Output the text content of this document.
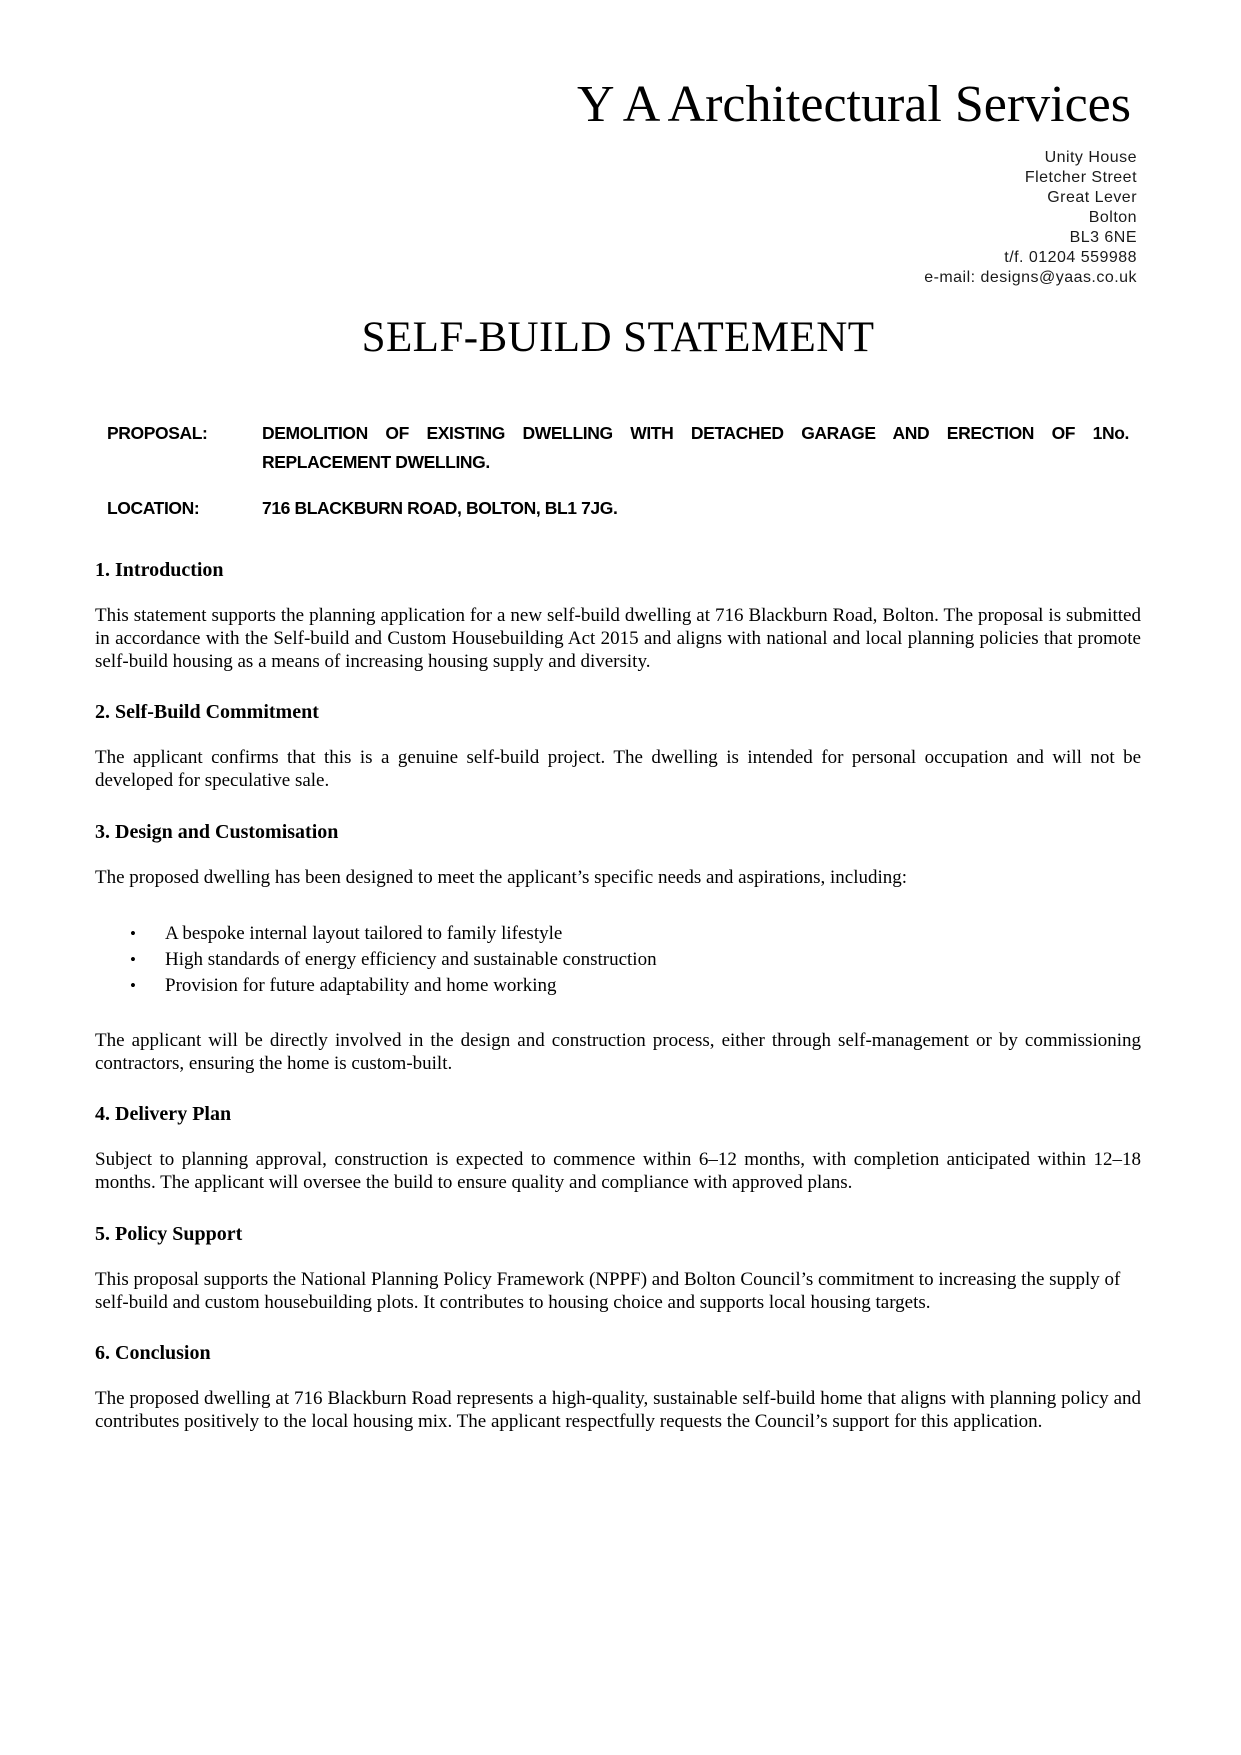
Y A Architectural Services
Unity House
Fletcher Street
Great Lever
Bolton
BL3 6NE
t/f. 01204 559988
e-mail: designs@yaas.co.uk
SELF-BUILD STATEMENT
PROPOSAL:	DEMOLITION OF EXISTING DWELLING WITH DETACHED GARAGE AND ERECTION OF 1No. REPLACEMENT DWELLING.
LOCATION:	716 BLACKBURN ROAD, BOLTON, BL1 7JG.
1. Introduction

This statement supports the planning application for a new self-build dwelling at 716 Blackburn Road, Bolton. The proposal is submitted in accordance with the Self-build and Custom Housebuilding Act 2015 and aligns with national and local planning policies that promote self-build housing as a means of increasing housing supply and diversity.

2. Self-Build Commitment

The applicant confirms that this is a genuine self-build project. The dwelling is intended for personal occupation and will not be developed for speculative sale.

3. Design and Customisation

The proposed dwelling has been designed to meet the applicant’s specific needs and aspirations, including:

• A bespoke internal layout tailored to family lifestyle
• High standards of energy efficiency and sustainable construction
• Provision for future adaptability and home working

The applicant will be directly involved in the design and construction process, either through self-management or by commissioning contractors, ensuring the home is custom-built.

4. Delivery Plan

Subject to planning approval, construction is expected to commence within 6–12 months, with completion anticipated within 12–18 months. The applicant will oversee the build to ensure quality and compliance with approved plans.

5. Policy Support

This proposal supports the National Planning Policy Framework (NPPF) and Bolton Council’s commitment to increasing the supply of self-build and custom housebuilding plots. It contributes to housing choice and supports local housing targets.

6. Conclusion

The proposed dwelling at 716 Blackburn Road represents a high-quality, sustainable self-build home that aligns with planning policy and contributes positively to the local housing mix. The applicant respectfully requests the Council’s support for this application.
